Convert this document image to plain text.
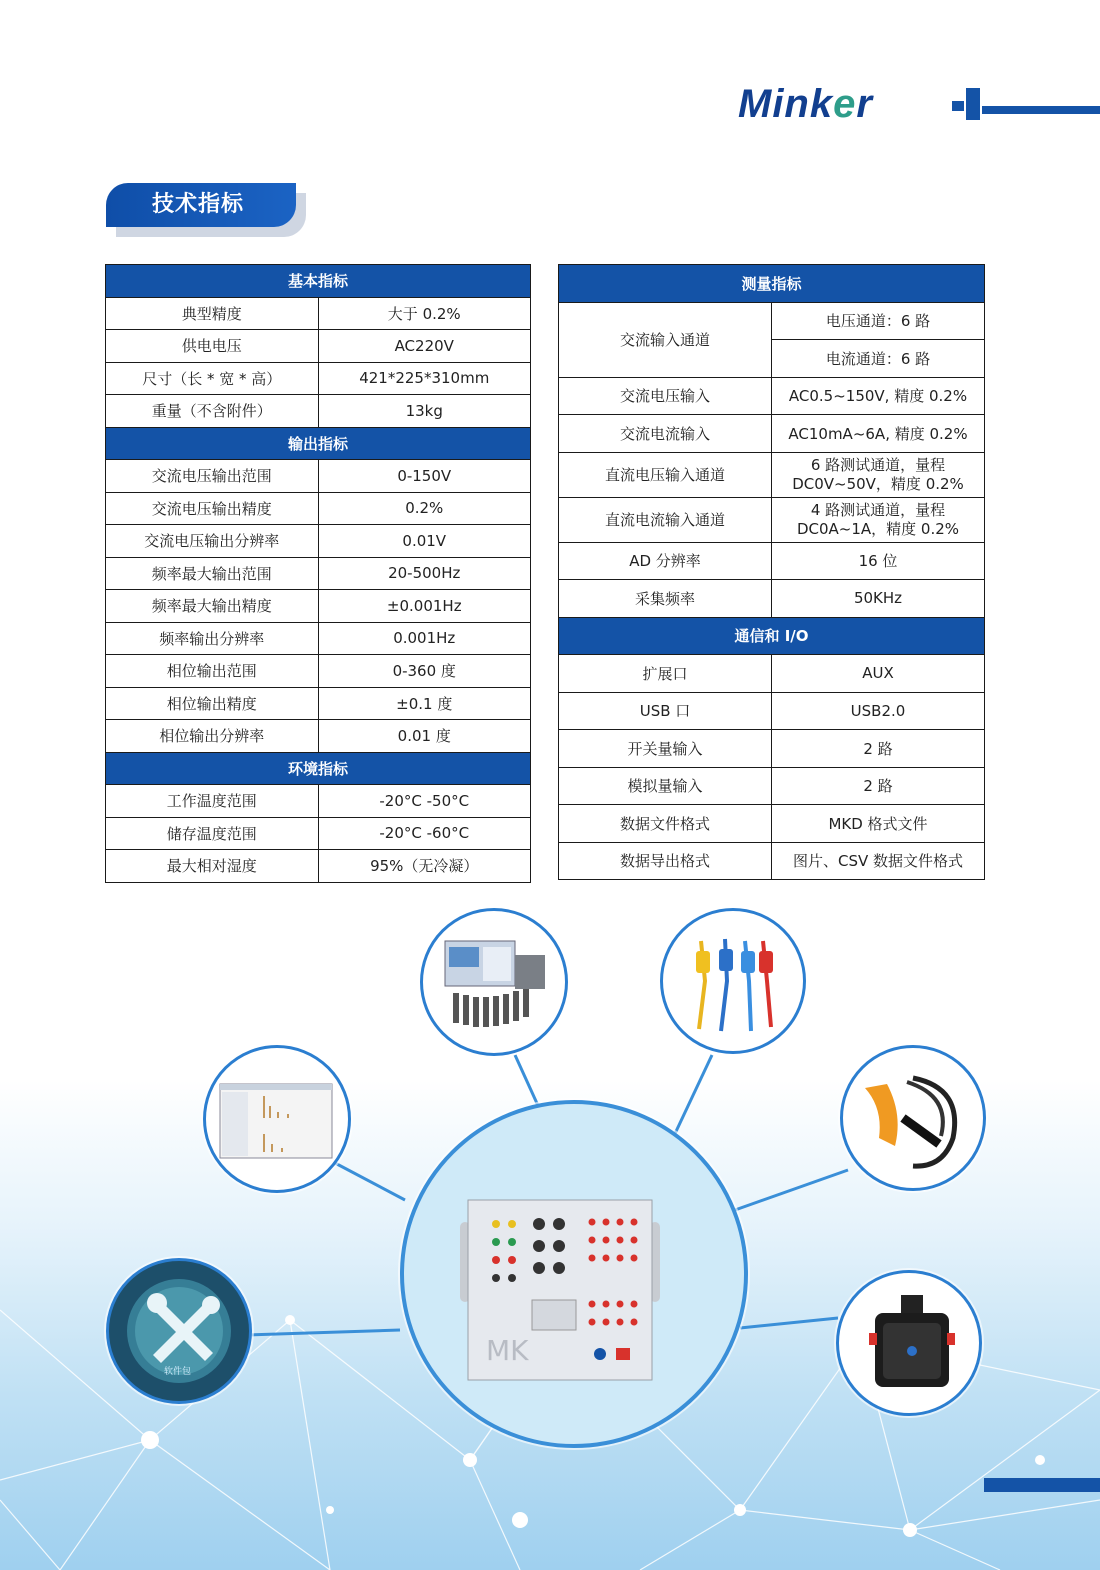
Minker
技术指标
基本指标	
典型精度	大于 0.2%
供电电压	AC220V
尺寸（长 * 宽 * 高）	421*225*310mm
重量（不含附件）	13kg
输出指标	
交流电压输出范围	0-150V
交流电压输出精度	0.2%
交流电压输出分辨率	0.01V
频率最大输出范围	20-500Hz
频率最大输出精度	±0.001Hz
频率输出分辨率	0.001Hz
相位输出范围	0-360 度
相位输出精度	±0.1 度
相位输出分辨率	0.01 度
环境指标	
工作温度范围	-20°C -50°C
储存温度范围	-20°C -60°C
最大相对湿度	95%（无冷凝）
测量指标	
交流输入通道	电压通道：6 路
	电流通道：6 路
交流电压输入	AC0.5~150V, 精度 0.2%
交流电流输入	AC10mA~6A, 精度 0.2%
直流电压输入通道	6 路测试通道，量程
DC0V~50V，精度 0.2%

直流电流输入通道	4 路测试通道，量程
DC0A~1A，精度 0.2%

AD 分辨率	16 位
采集频率	50KHz
通信和 I/O	
扩展口	AUX
USB 口	USB2.0
开关量输入	2 路
模拟量输入	2 路
数据文件格式	MKD 格式文件
数据导出格式	图片、CSV 数据文件格式
软件包
MK
